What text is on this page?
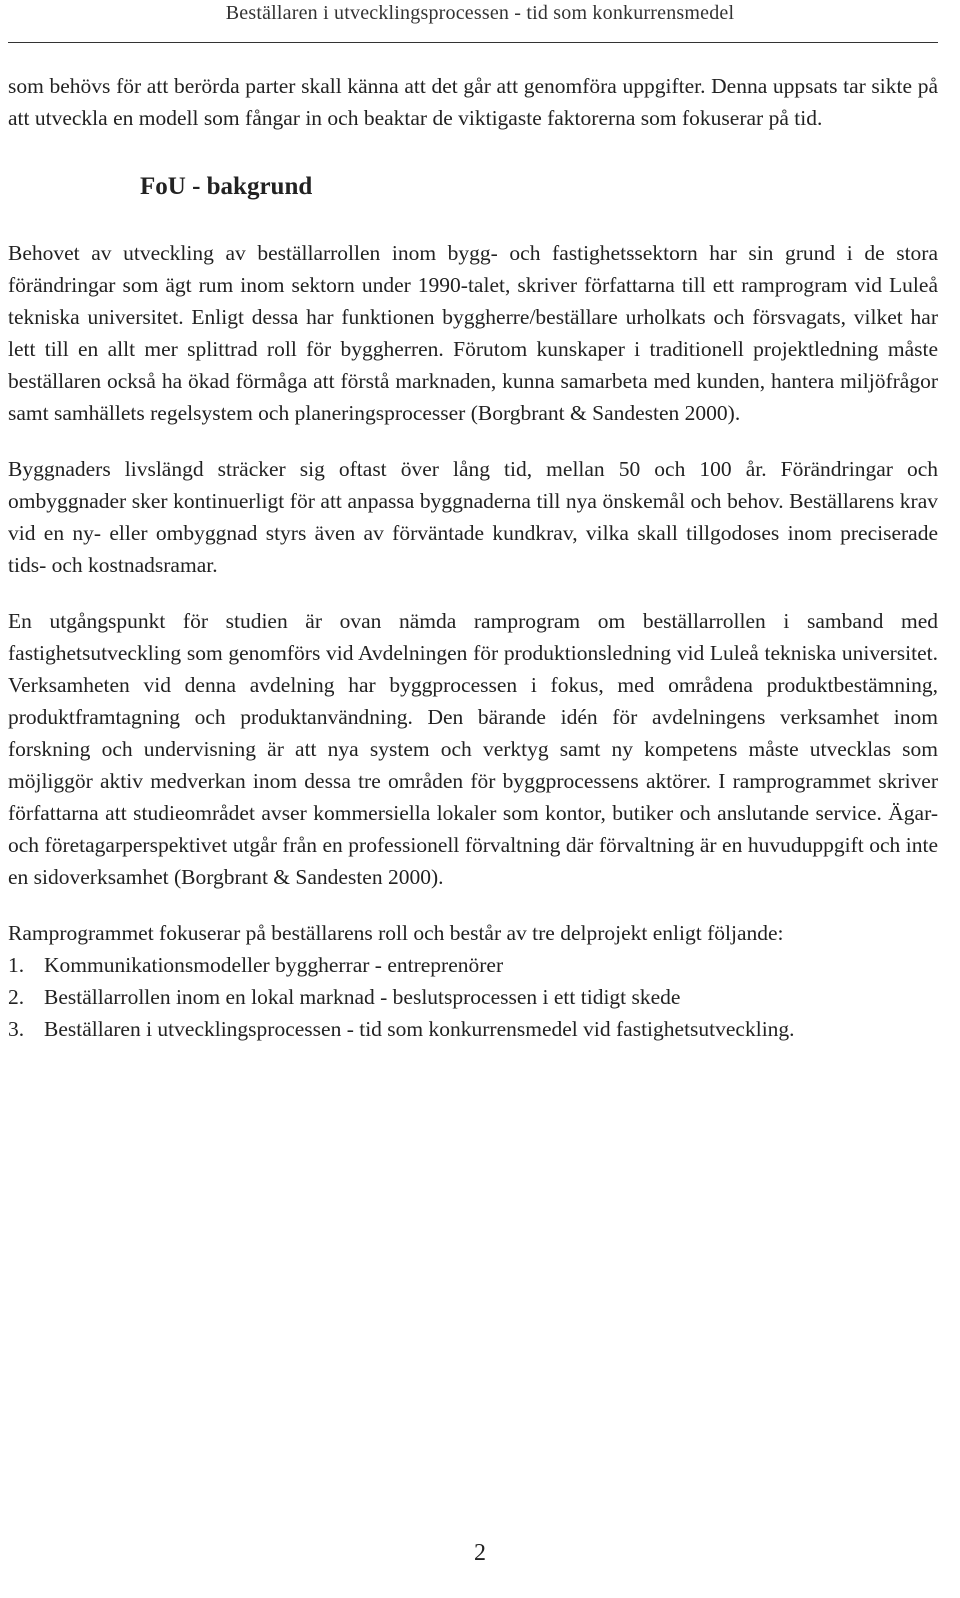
Beställaren i utvecklingsprocessen - tid som konkurrensmedel

som behövs för att berörda parter skall känna att det går att genomföra uppgifter. Denna uppsats tar sikte på att utveckla en modell som fångar in och beaktar de viktigaste faktorerna som fokuserar på tid.

FoU - bakgrund

Behovet av utveckling av beställarrollen inom bygg- och fastighetssektorn har sin grund i de stora förändringar som ägt rum inom sektorn under 1990-talet, skriver författarna till ett ramprogram vid Luleå tekniska universitet. Enligt dessa har funktionen byggherre/beställare urholkats och försvagats, vilket har lett till en allt mer splittrad roll för byggherren. Förutom kunskaper i traditionell projektledning måste beställaren också ha ökad förmåga att förstå marknaden, kunna samarbeta med kunden, hantera miljöfrågor samt samhällets regelsystem och planeringsprocesser (Borgbrant & Sandesten 2000).

Byggnaders livslängd sträcker sig oftast över lång tid, mellan 50 och 100 år. Förändringar och ombyggnader sker kontinuerligt för att anpassa byggnaderna till nya önskemål och behov. Beställarens krav vid en ny- eller ombyggnad styrs även av förväntade kundkrav, vilka skall tillgodoses inom preciserade tids- och kostnadsramar.

En utgångspunkt för studien är ovan nämda ramprogram om beställarrollen i samband med fastighetsutveckling som genomförs vid Avdelningen för produktionsledning vid Luleå tekniska universitet. Verksamheten vid denna avdelning har byggprocessen i fokus, med områdena produktbestämning, produktframtagning och produktanvändning. Den bärande idén för avdelningens verksamhet inom forskning och undervisning är att nya system och verktyg samt ny kompetens måste utvecklas som möjliggör aktiv medverkan inom dessa tre områden för byggprocessens aktörer. I ramprogrammet skriver författarna att studieområdet avser kommersiella lokaler som kontor, butiker och anslutande service. Ägar- och företagarperspektivet utgår från en professionell förvaltning där förvaltning är en huvuduppgift och inte en sidoverksamhet (Borgbrant & Sandesten 2000).

Ramprogrammet fokuserar på beställarens roll och består av tre delprojekt enligt följande:

1. Kommunikationsmodeller byggherrar - entreprenörer
2. Beställarrollen inom en lokal marknad - beslutsprocessen i ett tidigt skede
3. Beställaren i utvecklingsprocessen - tid som konkurrensmedel vid fastighetsutveckling.
2
